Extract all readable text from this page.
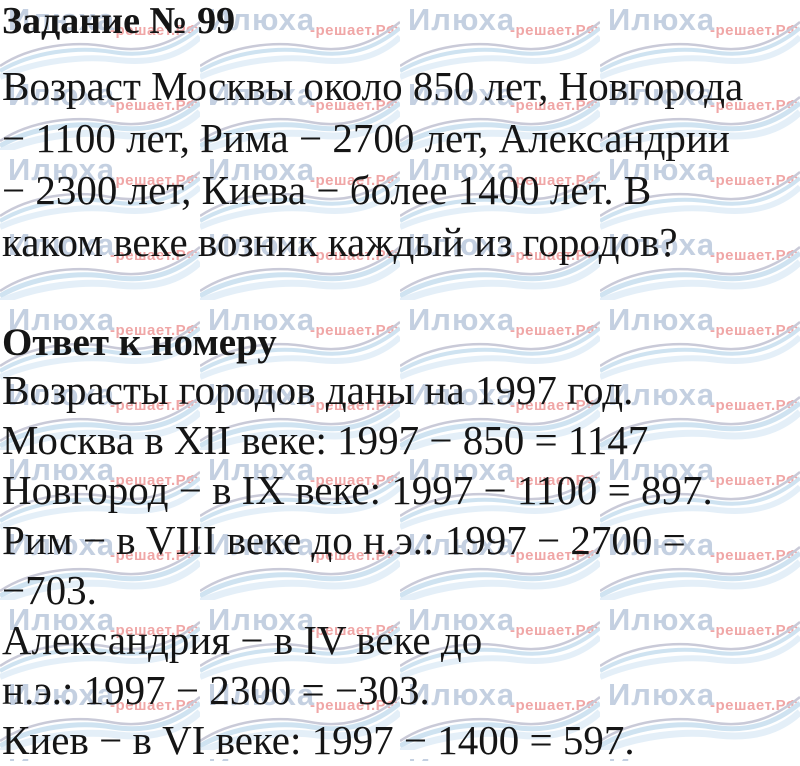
Задание № 99
Возраст Москвы около 850 лет, Новгорода
− 1100 лет, Рима − 2700 лет, Александрии
− 2300 лет, Киева − более 1400 лет. В
каком веке возник каждый из городов?
Ответ к номеру
Возрасты городов даны на 1997 год.
Москва в XII веке: 1997 − 850 = 1147
Новгород − в IX веке: 1997 − 1100 = 897.
Рим − в VIII веке до н.э.: 1997 − 2700 =
−703.
Александрия − в IV веке до
н.э.: 1997 − 2300 = −303.
Киев − в VI веке: 1997 − 1400 = 597.
